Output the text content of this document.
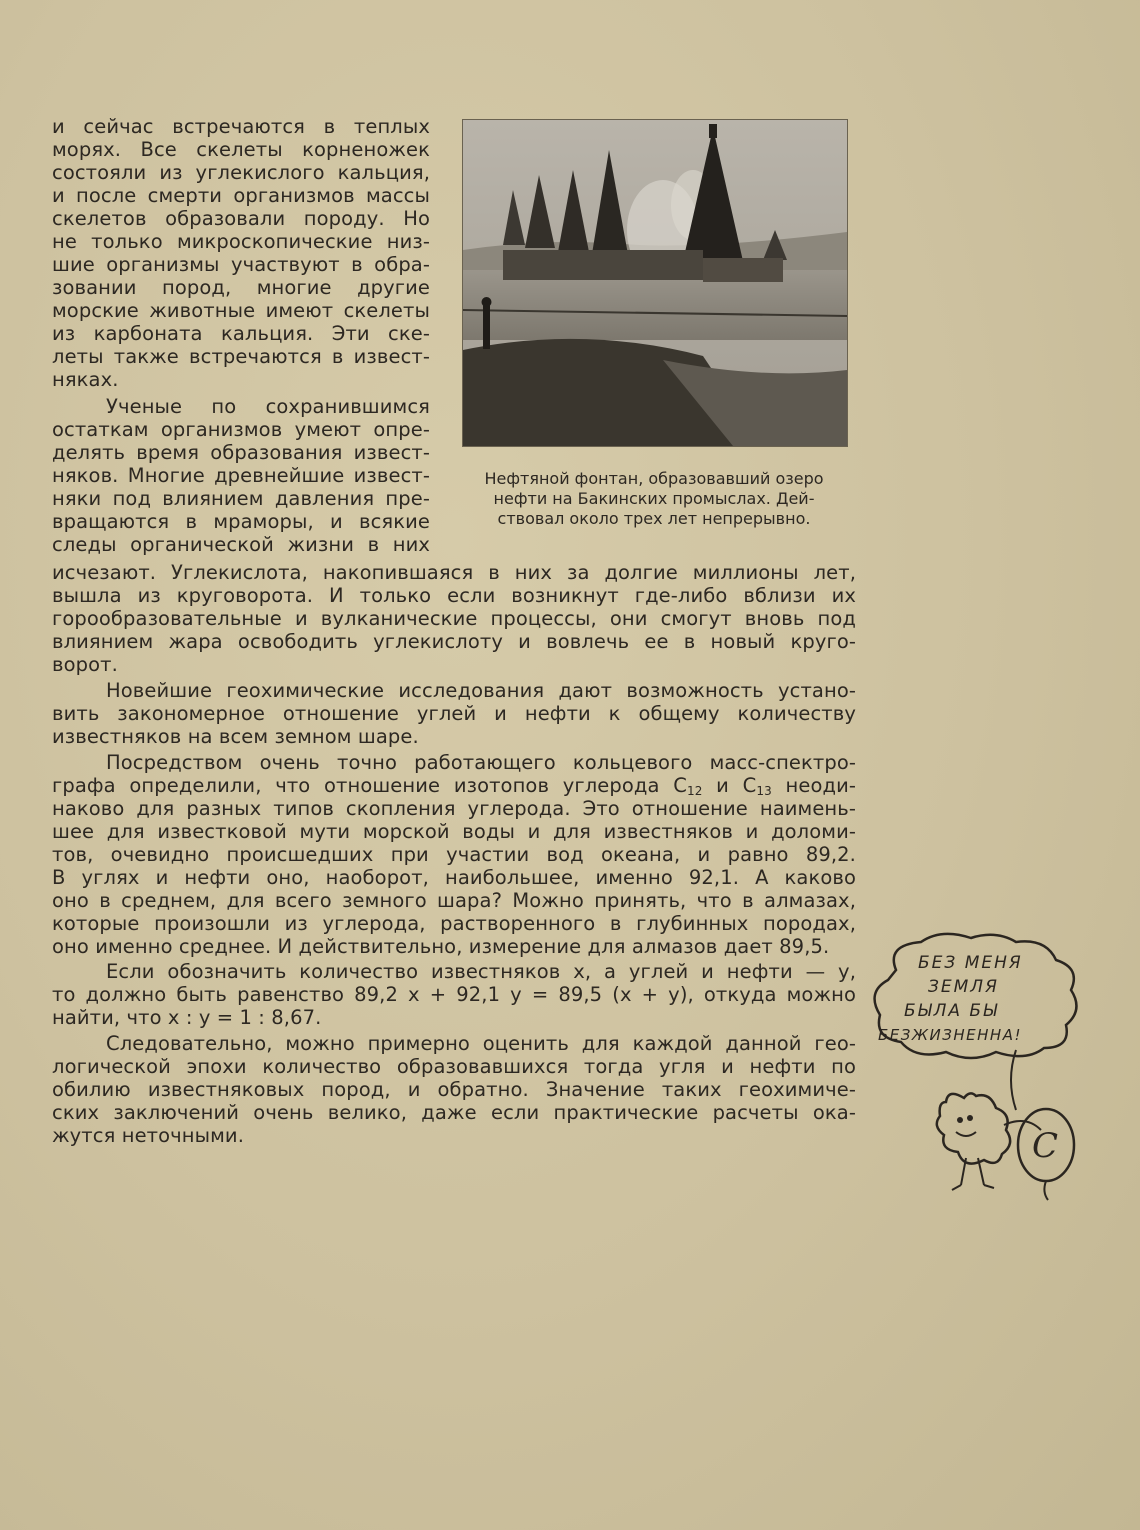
и сейчас встречаются в теплых

морях. Все скелеты корненожек

состояли из углекислого кальция,

и после смерти организмов массы

скелетов образовали породу. Но

не только микроскопические низ-

шие организмы участвуют в обра-

зовании пород, многие другие

морские животные имеют скелеты

из карбоната кальция. Эти ске-

леты также встречаются в извест-

няках.

Ученые по сохранившимся

остаткам организмов умеют опре-

делять время образования извест-

няков. Многие древнейшие извест-

няки под влиянием давления пре-

вращаются в мраморы, и всякие

следы органической жизни в них

Нефтяной фонтан, образовавший озеро

нефти на Бакинских промыслах. Дей-

ствовал около трех лет непрерывно.

исчезают. Углекислота, накопившаяся в них за долгие миллионы лет,

вышла из круговорота. И только если возникнут где-либо вблизи их

горообразовательные и вулканические процессы, они смогут вновь под

влиянием жара освободить углекислоту и вовлечь ее в новый круго-

ворот.

Новейшие геохимические исследования дают возможность устано-

вить закономерное отношение углей и нефти к общему количеству

известняков на всем земном шаре.

Посредством очень точно работающего кольцевого масс-спектро-

графа определили, что отношение изотопов углерода $C_{12}$ и $C_{13}$ неоди-

наково для разных типов скопления углерода. Это отношение наимень-

шее для известковой мути морской воды и для известняков и доломи-

тов, очевидно происшедших при участии вод океана, и равно 89,2.

В углях и нефти оно, наоборот, наибольшее, именно 92,1. А каково

оно в среднем, для всего земного шара? Можно принять, что в алмазах,

которые произошли из углерода, растворенного в глубинных породах,

оно именно среднее. И действительно, измерение для алмазов дает 89,5.

Если обозначить количество известняков х, а углей и нефти — у,

то должно быть равенство 89,2 х + 92,1 у = 89,5 (х + у), откуда можно

найти, что х : у = 1 : 8,67.

Следовательно, можно примерно оценить для каждой данной гео-

логической эпохи количество образовавшихся тогда угля и нефти по

обилию известняковых пород, и обратно. Значение таких геохимиче-

ских заключений очень велико, даже если практические расчеты ока-

жутся неточными.

БЕЗ МЕНЯ

ЗЕМЛЯ

БЫЛА БЫ

БЕЗЖИЗНЕННА!

C
